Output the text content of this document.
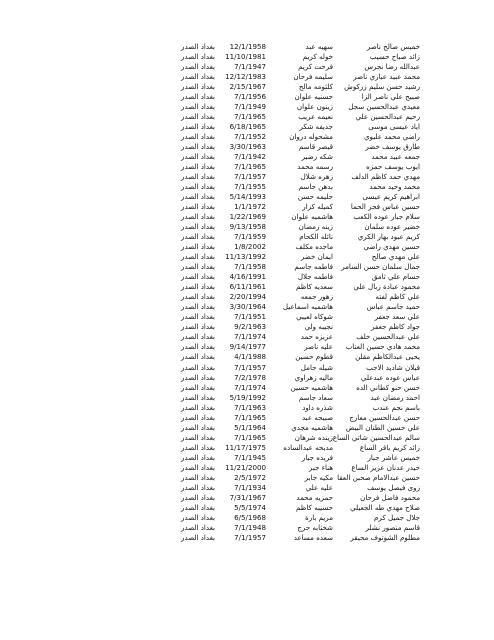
خميس صالح ناصر
سهيه عبد
12/1/1958
بغداد الصدر
زائد صباح حسيب
خوله كريم
11/10/1981
بغداد الصدر
عبدالله رضا نجرس
فرحت كريم
7/1/1947
بغداد الصدر
محمد عبيد عباري ناصر
سليمه فرحان
12/12/1983
بغداد الصدر
رشيد حسن سليم زركوش
كلثومه مالح
2/15/1967
بغداد الصدر
صبيح علي ناصر الزا
حسنيه علوان
7/1/1956
بغداد الصدر
معيدي عبدالحسين سجل
زينون علوان
7/1/1949
بغداد الصدر
رحيم عبدالحسين علي
نعيمه عريب
7/1/1965
بغداد الصدر
اياد عيسى موسى
جديفه شكر
6/18/1965
بغداد الصدر
راضي محمد عليوي
مشحوله دروان
7/1/1952
بغداد الصدر
طارق يوسف خضر
قيصر قاسم
3/30/1963
بغداد الصدر
جمعه عبيد محمد
شكه رضير
7/1/1942
بغداد الصدر
ايوب يوسف حمزه
رسمه محمد
7/1/1965
بغداد الصدر
مهدي حمد كاظم الدلف
زهره شلال
7/1/1957
بغداد الصدر
محمد وحيد محمد
بدهن جاسم
7/1/1955
بغداد الصدر
ابراهيم كريم عيسى
حليمه حسن
5/14/1993
بغداد الصدر
حسين عباس فجر الحما
كميله كزار
1/1/1972
بغداد الصدر
سلام جبار عوده الكعب
هاشميه علوان
1/22/1969
بغداد الصدر
خضير عوده سلمان
زينه رمضان
9/13/1958
بغداد الصدر
كريم عبود بهار الكري
نائله الكحام
7/1/1959
بغداد الصدر
حسين مهدي راضي
ماجده مكلف
1/8/2002
بغداد الصدر
علي مهدي صالح
ايمان خضر
11/13/1992
بغداد الصدر
جمال سلمان حسن السامر
فاطمه جاسم
7/1/1958
بغداد الصدر
حسام علي ثامق
فاطمه جلال
4/16/1991
بغداد الصدر
محمود عبادة زبال علي
سعديه كاظم
6/11/1961
بغداد الصدر
علي كاظم لفته
زهور جمعه
2/20/1994
بغداد الصدر
حميد جاسم عباس
هاشميه اسماعيل
3/30/1964
بغداد الصدر
علي سعد جعفر
شوكاه لعيبي
7/1/1951
بغداد الصدر
جواد كاظم جعفر
نجيبه ولي
9/2/1963
بغداد الصدر
علي عبدالحسين خلف
عزيزه حمد
7/1/1974
بغداد الصدر
محمد هادي حسين العتاب
عليه ناصر
9/14/1977
بغداد الصدر
يحيى عبدالكاظم مقلن
قطوم حسين
4/1/1988
بغداد الصدر
قيلان شاديد الاجب
شيله جامل
7/1/1957
بغداد الصدر
عباس عوده عبدعلي
ماليه زهراوي
7/2/1978
بغداد الصدر
حسن حنو كطاني الده
هاشميه حسين
7/1/1974
بغداد الصدر
احمد رمضان عبد
سعاد جاسم
5/19/1992
بغداد الصدر
باسم نجم عندب
شذره داود
7/1/1963
بغداد الصدر
حسن عبدالحسين معارج
صبيحه عبد
7/1/1965
بغداد الصدر
علي حسين الطنان البيض
هاشميه مجدي
5/1/1964
بغداد الصدر
سالم عبدالحسين شاتي الساع
زينده شرهان
7/1/1965
بغداد الصدر
زائد كريم باقر الساع
مديحه عبدالساده
11/17/1975
بغداد الصدر
خميس عاشر جبار
فريده جبار
7/1/1945
بغداد الصدر
حيدر عدنان عزيز الساع
هناء جبر
11/21/2000
بغداد الصدر
حسين عبدالامام صحبن العقا
مكيه جابر
2/5/1972
بغداد الصدر
زوى فيصل يوسف
عليه علي
7/1/1934
بغداد الصدر
محمود فاضل فرحان
حمزيه محمد
7/31/1967
بغداد الصدر
صلاح مهدي طه الجعيلي
حسيبه كاظم
5/5/1974
بغداد الصدر
جلال جميل كرم
مريم بارة
6/5/1968
بغداد الصدر
قاسم منصور نشلر
شخثابه حرج
7/1/1948
بغداد الصدر
مطلوم الشوتوف محيقر
سعده مساعد
7/1/1957
بغداد الصدر
